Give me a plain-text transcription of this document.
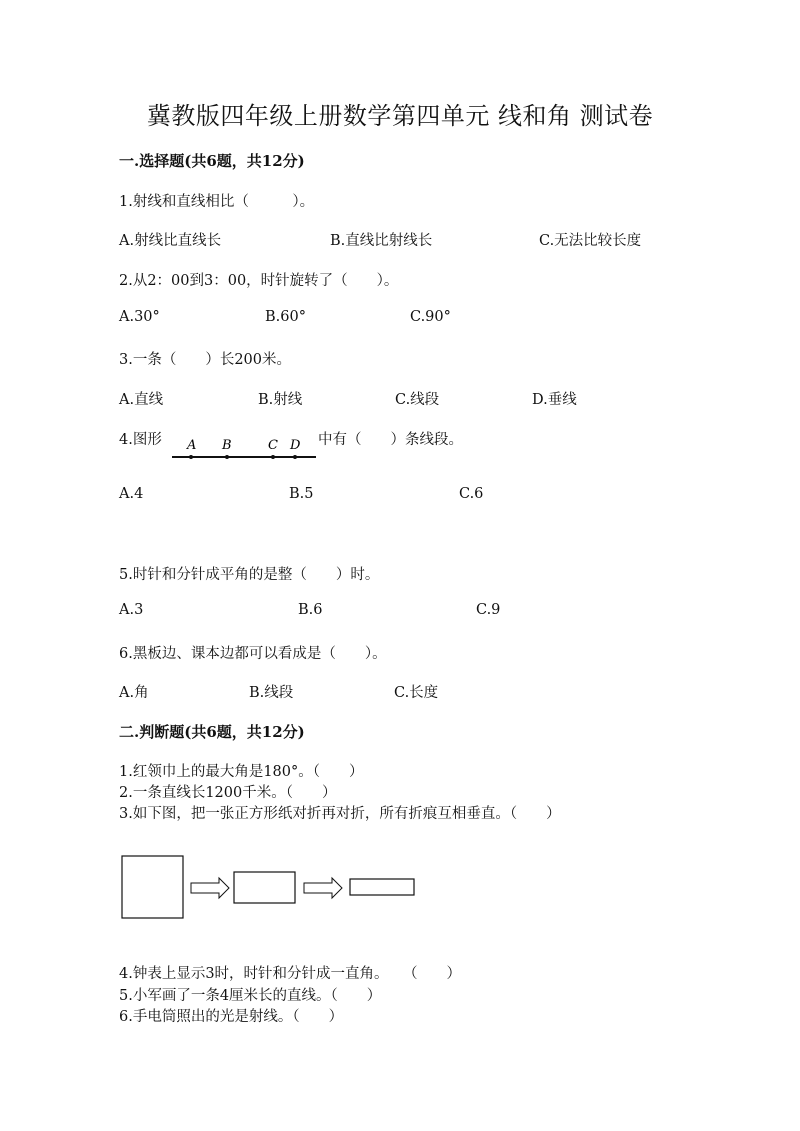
冀教版四年级上册数学第四单元 线和角 测试卷
一.选择题(共6题，共12分)
1.射线和直线相比（　　　）。
A.射线比直线长	B.直线比射线长	C.无法比较长度
2.从2：00到3：00，时针旋转了（　　）。
A.30°	B.60°	C.90°
3.一条（　　）长200米。
A.直线	B.射线	C.线段	D.垂线
4.图形 A B	C D 中有（　　）条线段。
A.4	B.5	C.6
5.时针和分针成平角的是整（　　）时。
A.3	B.6	C.9
6.黑板边、课本边都可以看成是（　　）。
A.角	B.线段	C.长度
二.判断题(共6题，共12分)
1.红领巾上的最大角是180°。（　　）
2.一条直线长1200千米。（　　）
3.如下图，把一张正方形纸对折再对折，所有折痕互相垂直。（　　）
4.钟表上显示3时，时针和分针成一直角。　　（　　）
5.小军画了一条4厘米长的直线。（　　）
6.手电筒照出的光是射线。（　　）
